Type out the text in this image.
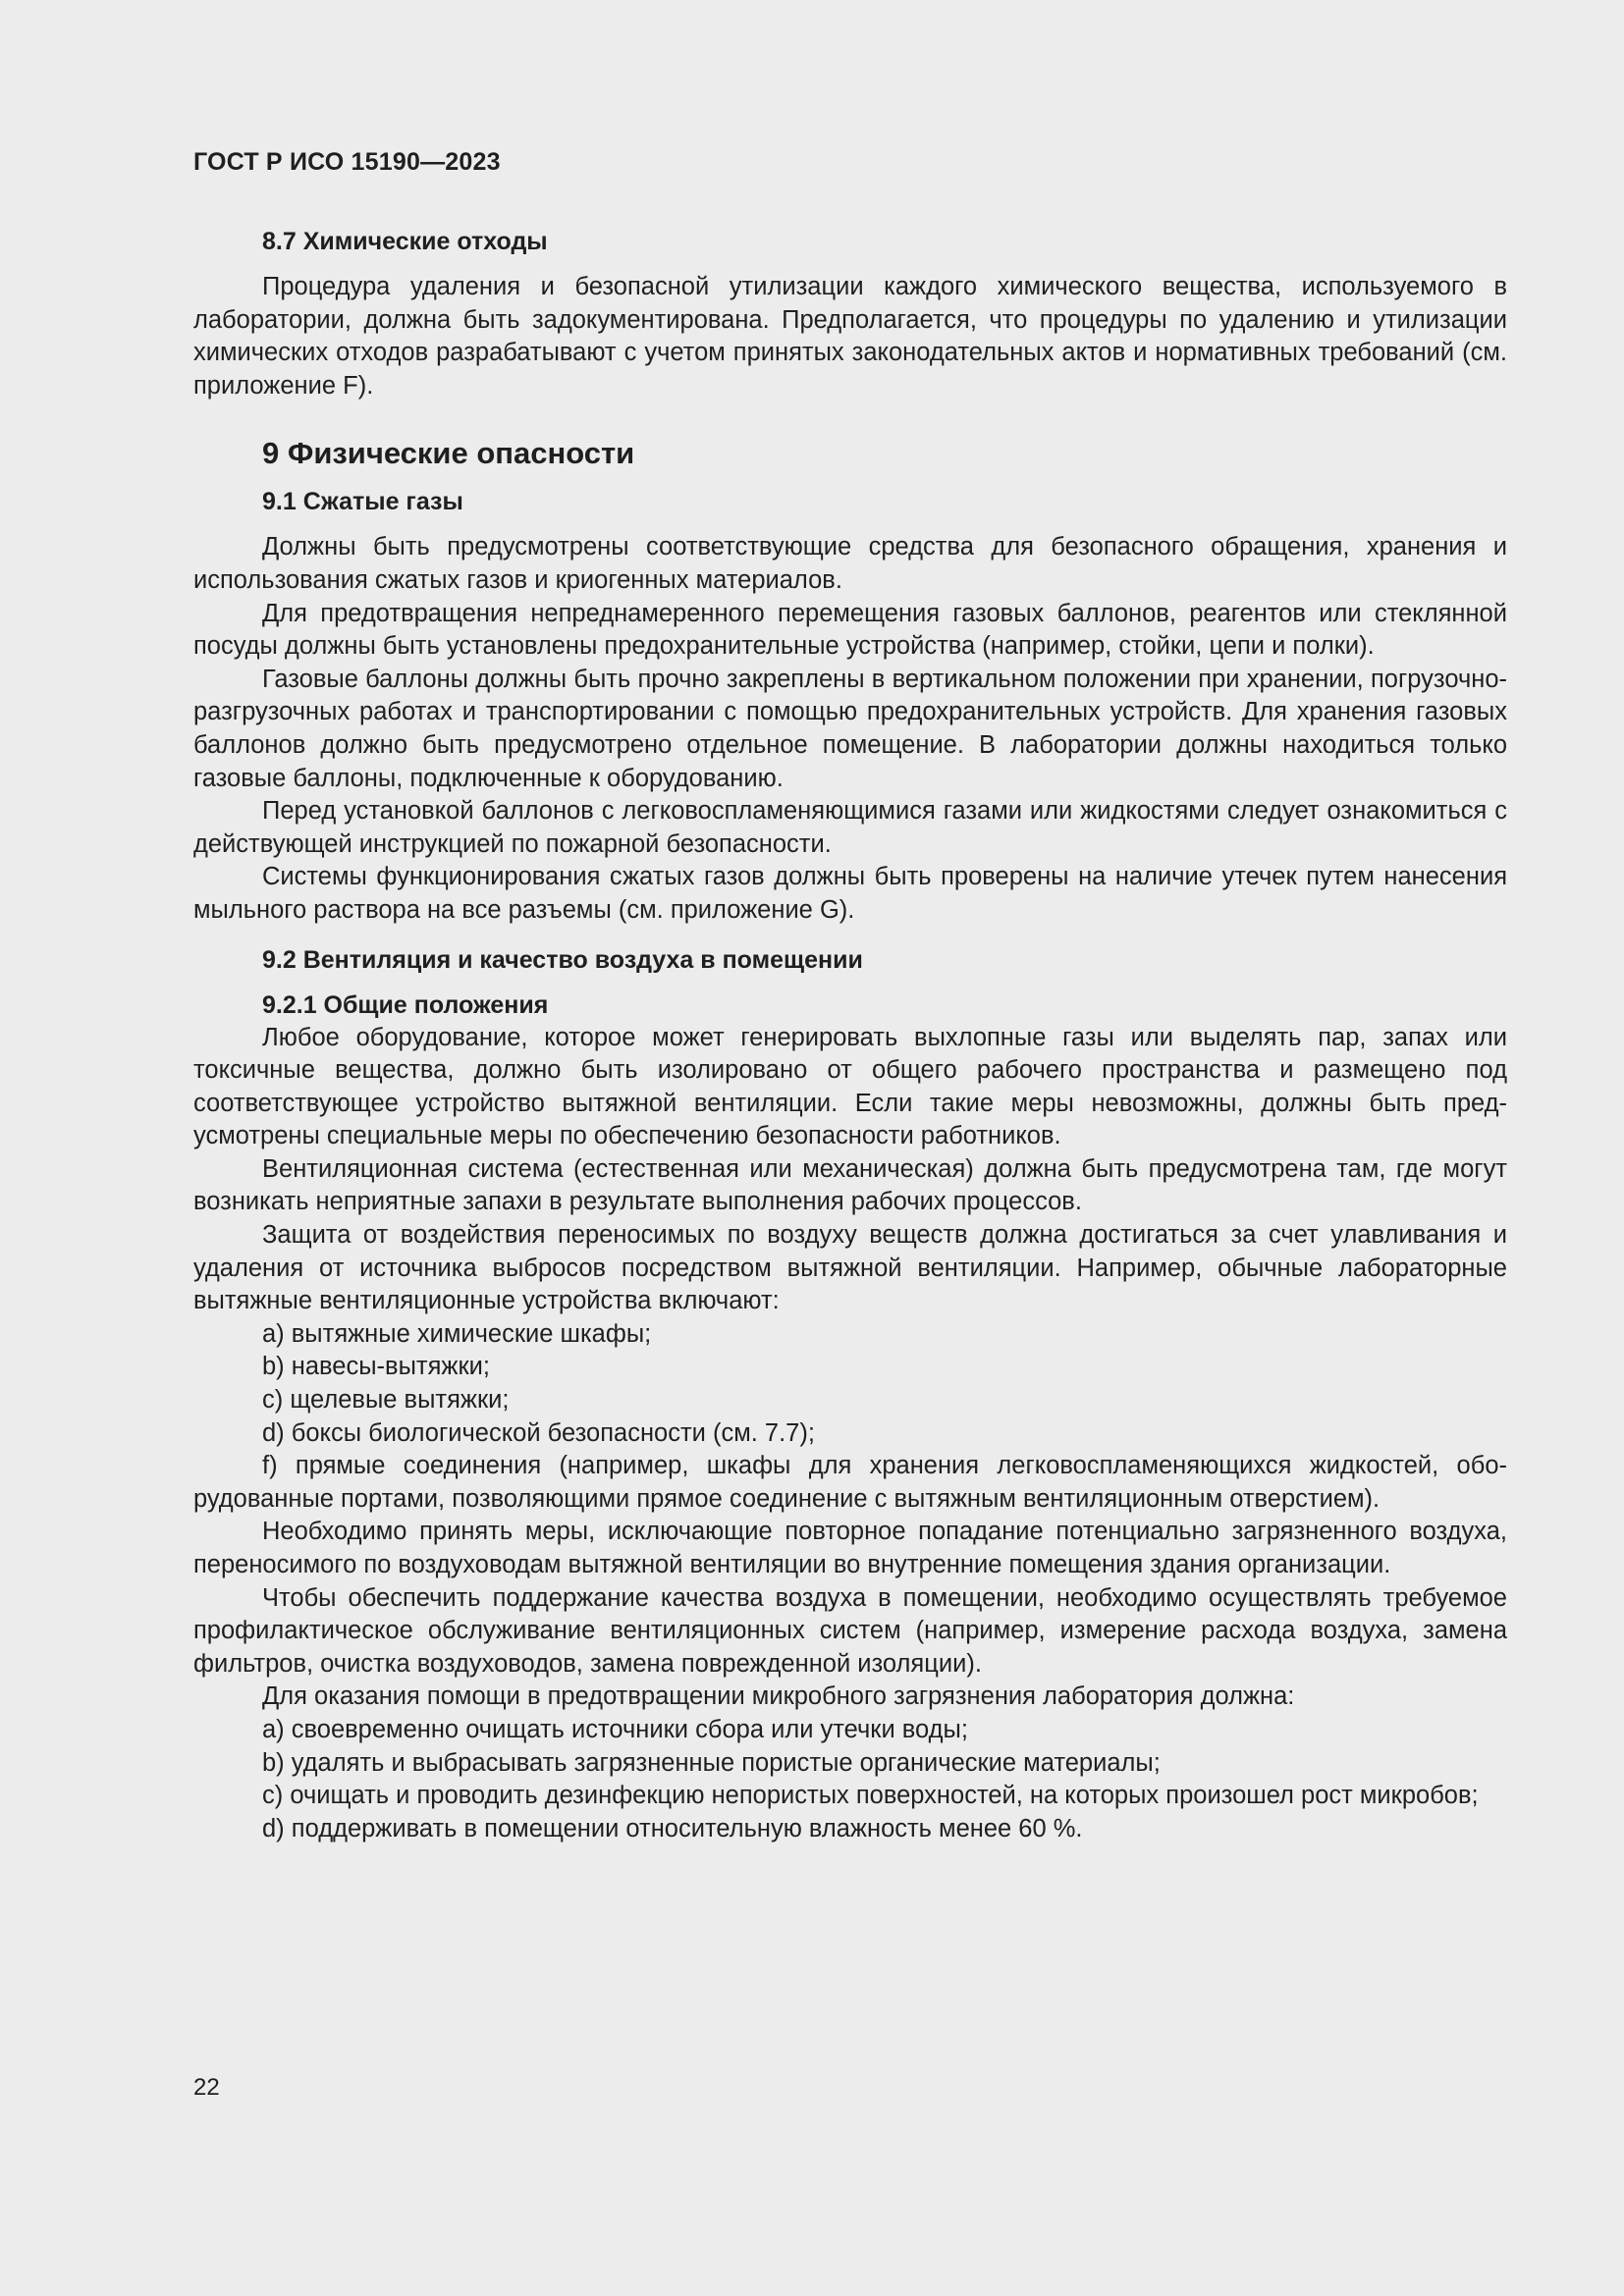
ГОСТ Р ИСО 15190—2023
8.7 Химические отходы

Процедура удаления и безопасной утилизации каждого химического вещества, используемого в лаборатории, должна быть задокументирована. Предполагается, что процедуры по удалению и утилизации химических отходов разрабатывают с учетом принятых законодательных актов и нормативных требований (см. приложение F).

9 Физические опасности
9.1 Сжатые газы

Должны быть предусмотрены соответствующие средства для безопасного обращения, хранения и использования сжатых газов и криогенных материалов.

Для предотвращения непреднамеренного перемещения газовых баллонов, реагентов или стеклянной посуды должны быть установлены предохранительные устройства (например, стойки, цепи и полки).

Газовые баллоны должны быть прочно закреплены в вертикальном положении при хранении, погрузочно-разгрузочных работах и транспортировании с помощью предохранительных устройств. Для хранения газовых баллонов должно быть предусмотрено отдельное помещение. В лаборатории должны находиться только газовые баллоны, подключенные к оборудованию.

Перед установкой баллонов с легковоспламеняющимися газами или жидкостями следует ознакомиться с действующей инструкцией по пожарной безопасности.

Системы функционирования сжатых газов должны быть проверены на наличие утечек путем нанесения мыльного раствора на все разъемы (см. приложение G).

9.2 Вентиляция и качество воздуха в помещении
9.2.1 Общие положения

Любое оборудование, которое может генерировать выхлопные газы или выделять пар, запах или токсичные вещества, должно быть изолировано от общего рабочего пространства и размещено под соответствующее устройство вытяжной вентиляции. Если такие меры невозможны, должны быть предусмотрены специальные меры по обеспечению безопасности работников.

Вентиляционная система (естественная или механическая) должна быть предусмотрена там, где могут возникать неприятные запахи в результате выполнения рабочих процессов.

Защита от воздействия переносимых по воздуху веществ должна достигаться за счет улавливания и удаления от источника выбросов посредством вытяжной вентиляции. Например, обычные лабораторные вытяжные вентиляционные устройства включают:

a) вытяжные химические шкафы;

b) навесы-вытяжки;

c) щелевые вытяжки;

d) боксы биологической безопасности (см. 7.7);

f) прямые соединения (например, шкафы для хранения легковоспламеняющихся жидкостей, оборудованные портами, позволяющими прямое соединение с вытяжным вентиляционным отверстием).

Необходимо принять меры, исключающие повторное попадание потенциально загрязненного воздуха, переносимого по воздуховодам вытяжной вентиляции во внутренние помещения здания организации.

Чтобы обеспечить поддержание качества воздуха в помещении, необходимо осуществлять требуемое профилактическое обслуживание вентиляционных систем (например, измерение расхода воздуха, замена фильтров, очистка воздуховодов, замена поврежденной изоляции).

Для оказания помощи в предотвращении микробного загрязнения лаборатория должна:

a) своевременно очищать источники сбора или утечки воды;

b) удалять и выбрасывать загрязненные пористые органические материалы;

c) очищать и проводить дезинфекцию непористых поверхностей, на которых произошел рост микробов;

d) поддерживать в помещении относительную влажность менее 60 %.

22
